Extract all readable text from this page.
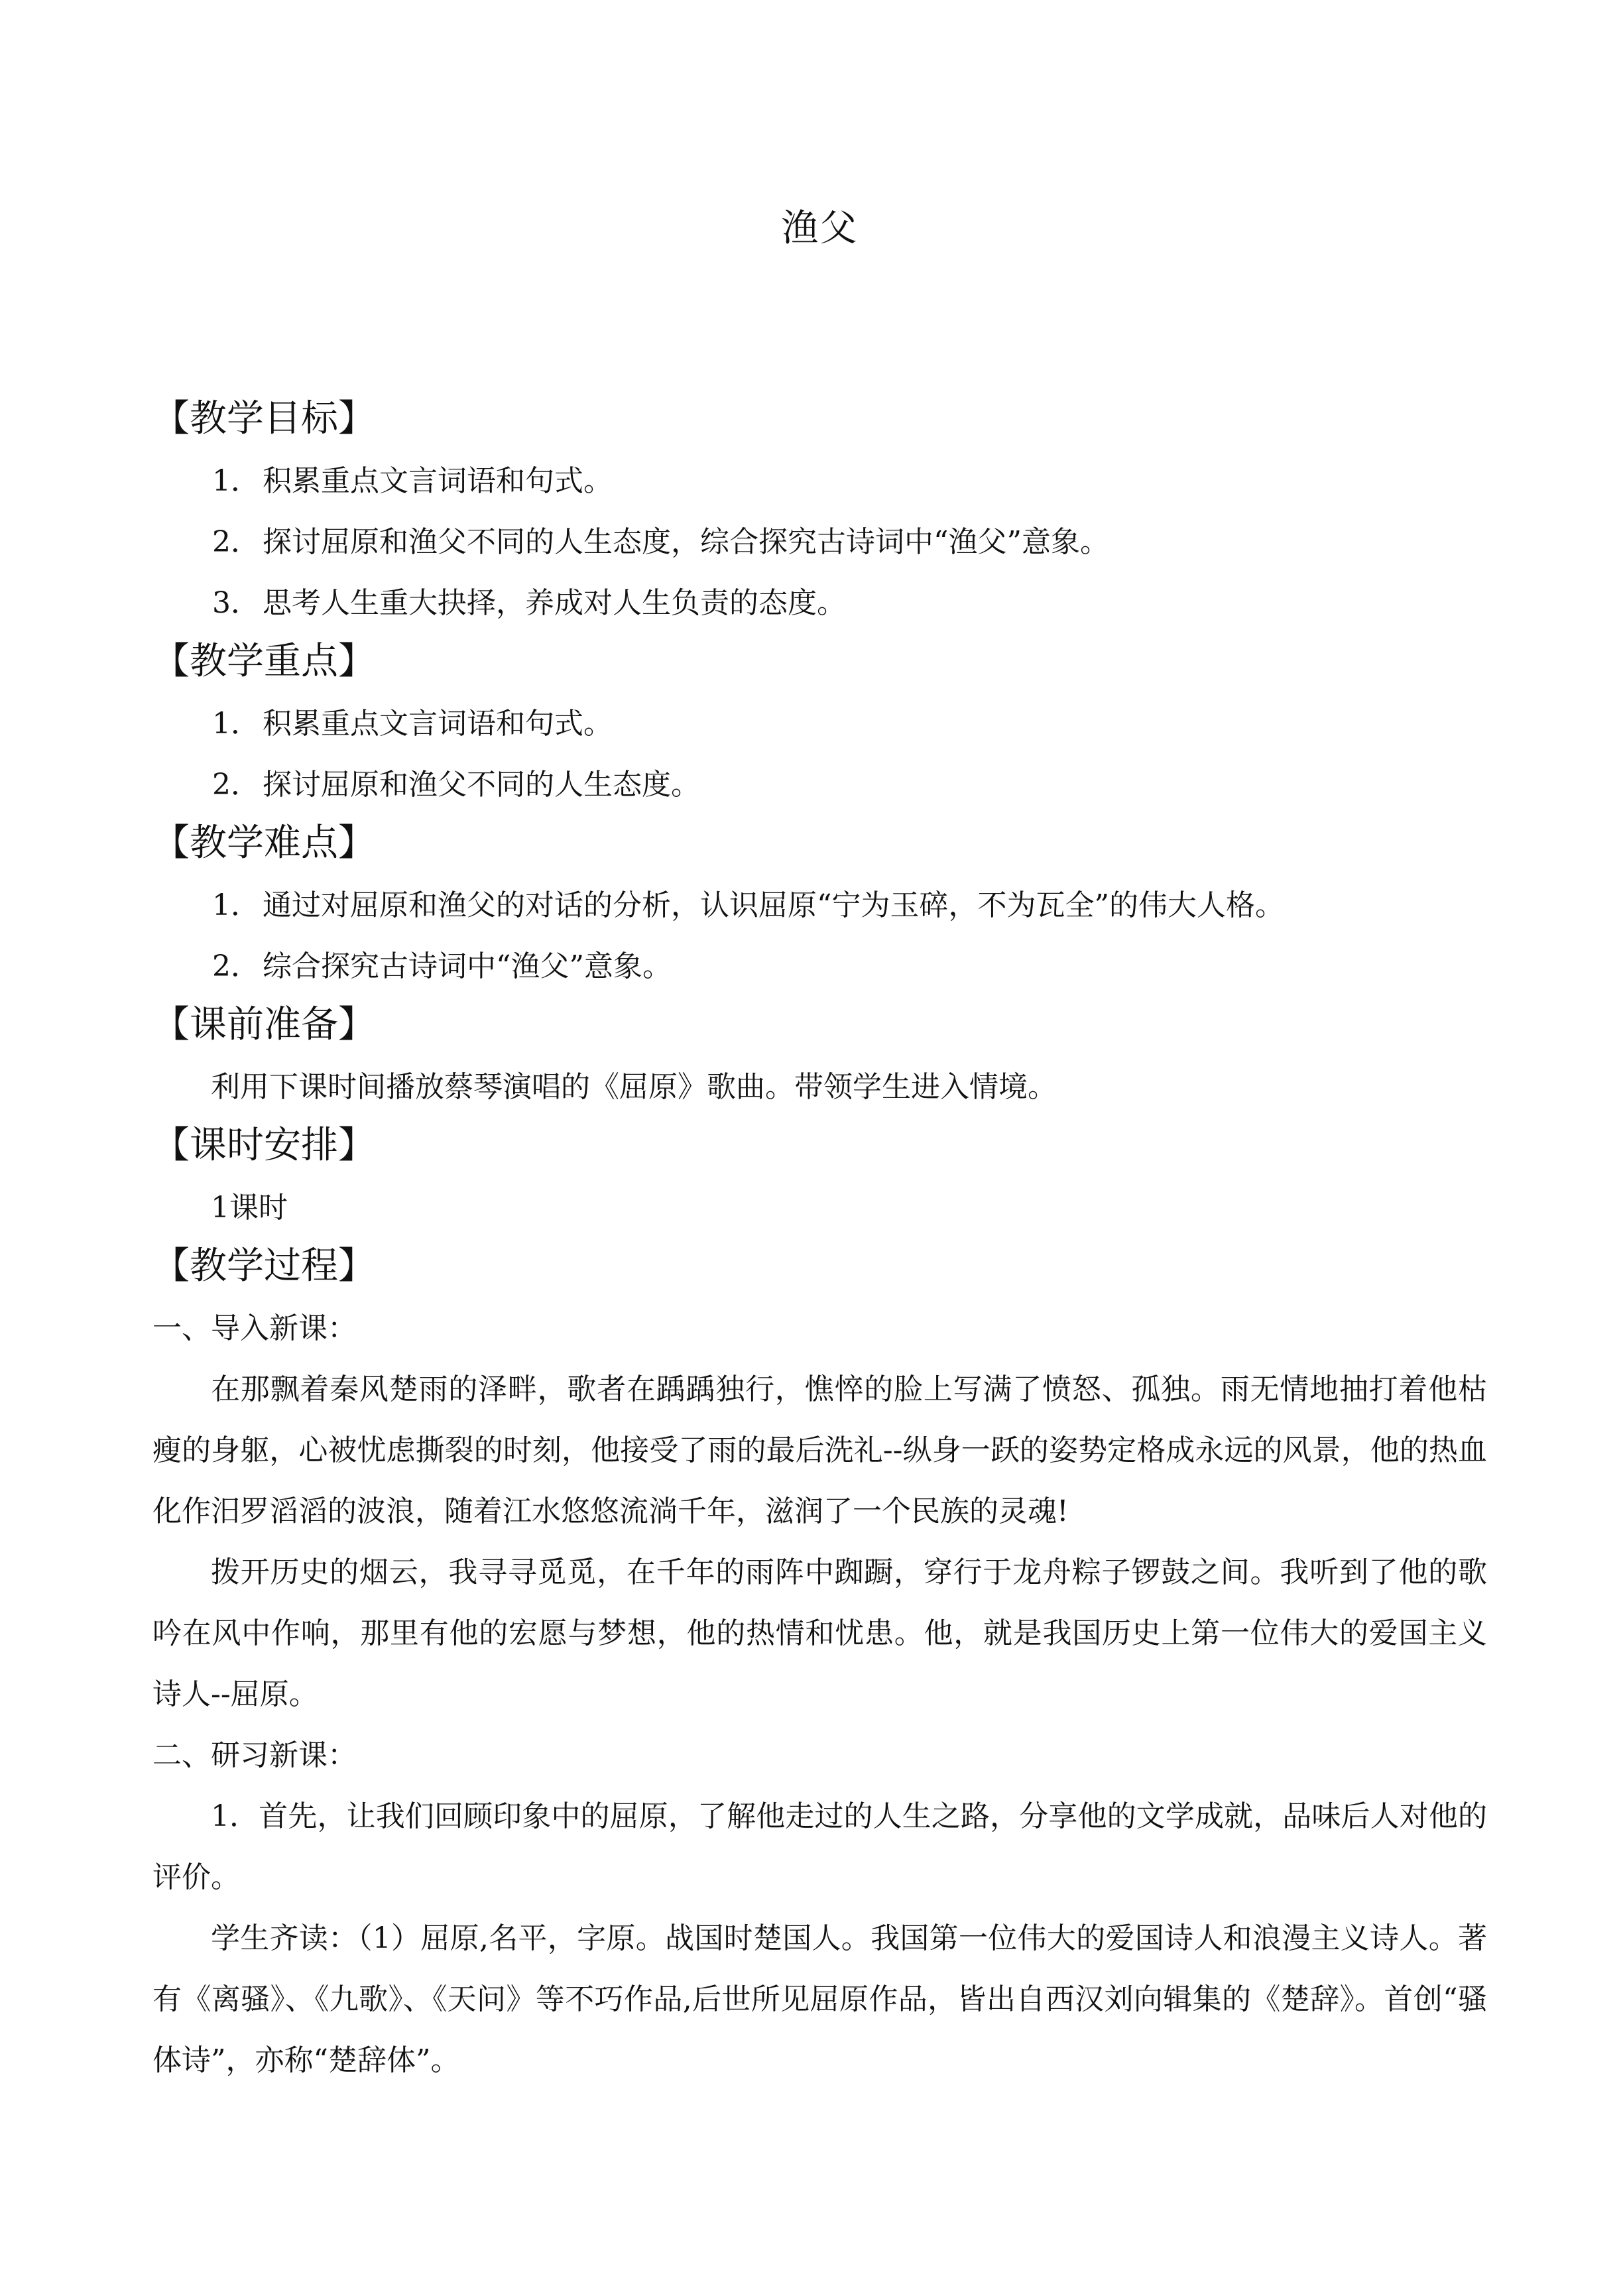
渔父
【教学目标】
1．积累重点文言词语和句式。
2．探讨屈原和渔父不同的人生态度，综合探究古诗词中“渔父”意象。
3．思考人生重大抉择，养成对人生负责的态度。
【教学重点】
1．积累重点文言词语和句式。
2．探讨屈原和渔父不同的人生态度。
【教学难点】
1．通过对屈原和渔父的对话的分析，认识屈原“宁为玉碎，不为瓦全”的伟大人格。
2．综合探究古诗词中“渔父”意象。
【课前准备】

利用下课时间播放蔡琴演唱的《屈原》歌曲。带领学生进入情境。

【课时安排】
1课时
【教学过程】
一、导入新课：

在那飘着秦风楚雨的泽畔，歌者在踽踽独行，憔悴的脸上写满了愤怒、孤独。雨无情地抽打着他枯瘦的身躯，心被忧虑撕裂的时刻，他接受了雨的最后洗礼--纵身一跃的姿势定格成永远的风景，他的热血化作汨罗滔滔的波浪，随着江水悠悠流淌千年，滋润了一个民族的灵魂!

拨开历史的烟云，我寻寻觅觅，在千年的雨阵中踟蹰，穿行于龙舟粽子锣鼓之间。我听到了他的歌吟在风中作响，那里有他的宏愿与梦想，他的热情和忧患。他，就是我国历史上第一位伟大的爱国主义诗人--屈原。

二、研习新课：

1．首先，让我们回顾印象中的屈原，了解他走过的人生之路，分享他的文学成就，品味后人对他的评价。

学生齐读：（1）屈原,名平，字原。战国时楚国人。我国第一位伟大的爱国诗人和浪漫主义诗人。著有《离骚》、《九歌》、《天问》等不巧作品,后世所见屈原作品，皆出自西汉刘向辑集的《楚辞》。首创“骚体诗”，亦称“楚辞体”。
